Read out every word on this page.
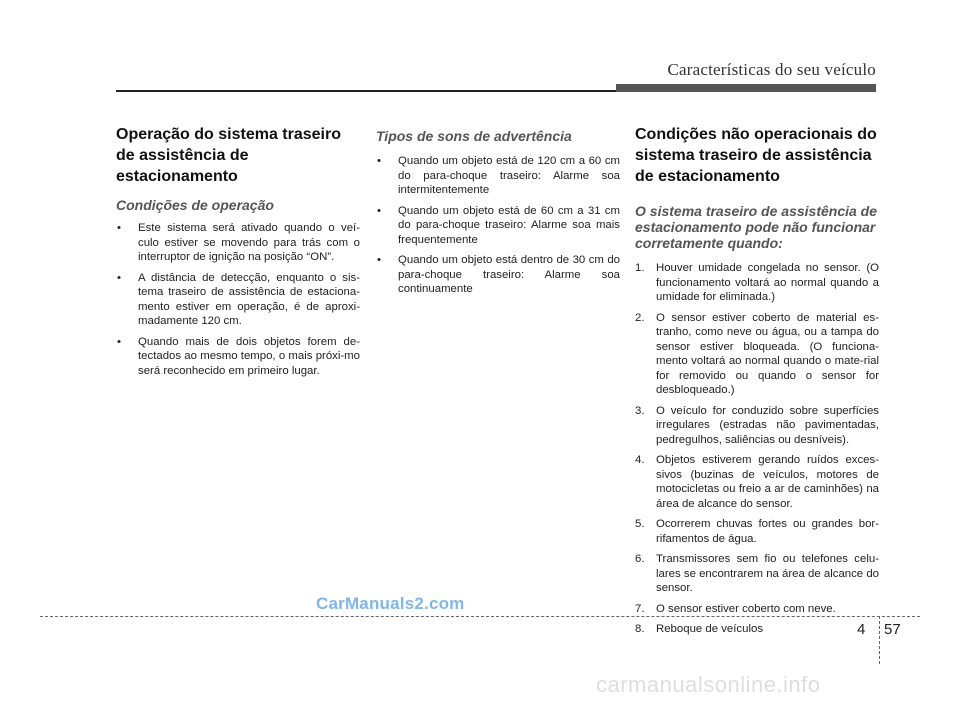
Características do seu veículo

Operação do sistema traseiro de assistência de estacionamento

Condições de operação

• Este sistema será ativado quando o veí-culo estiver se movendo para trás com o interruptor de ignição na posição “ON”.
• A distância de detecção, enquanto o sis-tema traseiro de assistência de estaciona-mento estiver em operação, é de aproxi-madamente 120 cm.
• Quando mais de dois objetos forem de-tectados ao mesmo tempo, o mais próxi-mo será reconhecido em primeiro lugar.

Tipos de sons de advertência

• Quando um objeto está de 120 cm a 60 cm do para-choque traseiro: Alarme soa intermitentemente
• Quando um objeto está de 60 cm a 31 cm do para-choque traseiro: Alarme soa mais frequentemente
• Quando um objeto está dentro de 30 cm do para-choque traseiro: Alarme soa continuamente

Condições não operacionais do sistema traseiro de assistência de estacionamento

O sistema traseiro de assistência de estacionamento pode não funcionar corretamente quando:

1. Houver umidade congelada no sensor. (O funcionamento voltará ao normal quando a umidade for eliminada.)
2. O sensor estiver coberto de material es-tranho, como neve ou água, ou a tampa do sensor estiver bloqueada. (O funciona-mento voltará ao normal quando o mate-rial for removido ou quando o sensor for desbloqueado.)
3. O veículo for conduzido sobre superfícies irregulares (estradas não pavimentadas, pedregulhos, saliências ou desníveis).
4. Objetos estiverem gerando ruídos exces-sivos (buzinas de veículos, motores de motocicletas ou freio a ar de caminhões) na área de alcance do sensor.
5. Ocorrerem chuvas fortes ou grandes bor-rifamentos de água.
6. Transmissores sem fio ou telefones celu-lares se encontrarem na área de alcance do sensor.
7. O sensor estiver coberto com neve.
8. Reboque de veículos
CarManuals2.com
4 57
carmanualsonline.info
